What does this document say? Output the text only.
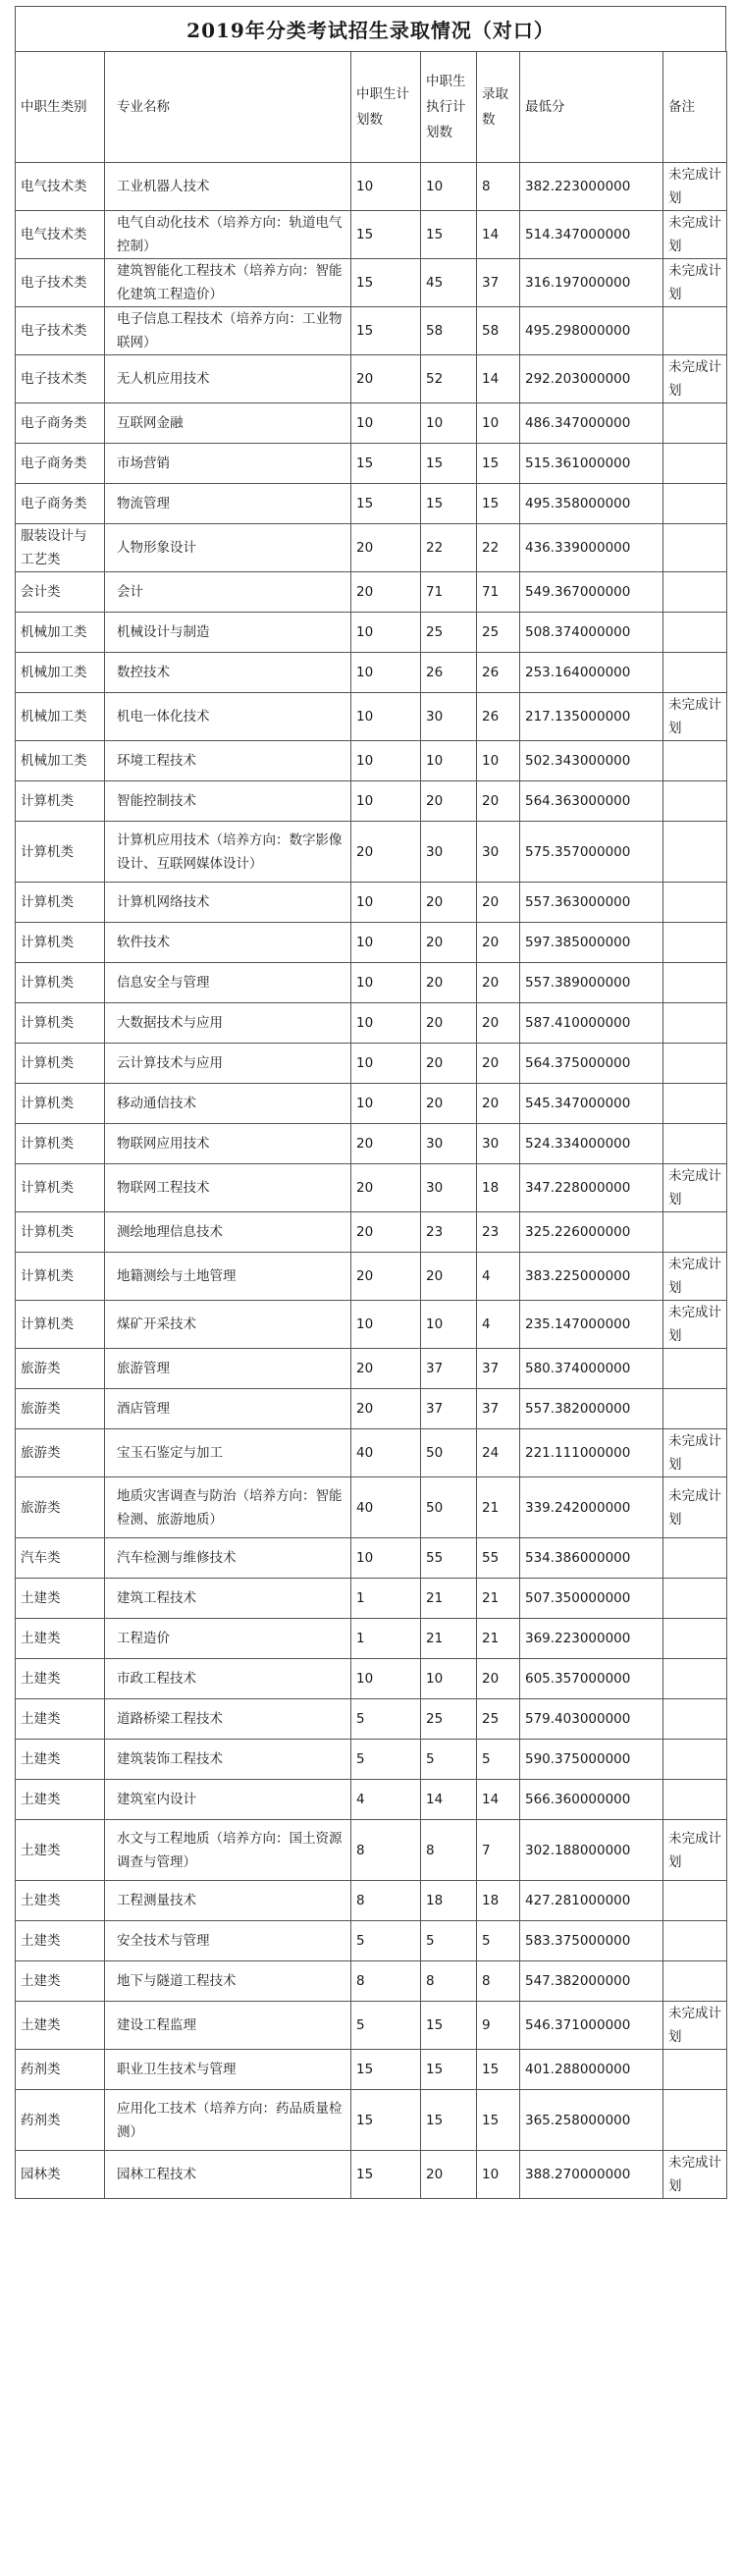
2019年分类考试招生录取情况（对口）
中职生类别	专业名称	中职生计划数	中职生执行计划数	录取数	最低分	备注
电气技术类	工业机器人技术	10	10	8	382.223000000	未完成计划
电气技术类	电气自动化技术（培养方向：轨道电气控制）	15	15	14	514.347000000	未完成计划
电子技术类	建筑智能化工程技术（培养方向：智能化建筑工程造价）	15	45	37	316.197000000	未完成计划
电子技术类	电子信息工程技术（培养方向：工业物联网）	15	58	58	495.298000000	
电子技术类	无人机应用技术	20	52	14	292.203000000	未完成计划
电子商务类	互联网金融	10	10	10	486.347000000	
电子商务类	市场营销	15	15	15	515.361000000	
电子商务类	物流管理	15	15	15	495.358000000	
服装设计与工艺类	人物形象设计	20	22	22	436.339000000	
会计类	会计	20	71	71	549.367000000	
机械加工类	机械设计与制造	10	25	25	508.374000000	
机械加工类	数控技术	10	26	26	253.164000000	
机械加工类	机电一体化技术	10	30	26	217.135000000	未完成计划
机械加工类	环境工程技术	10	10	10	502.343000000	
计算机类	智能控制技术	10	20	20	564.363000000	
计算机类	计算机应用技术（培养方向：数字影像设计、互联网媒体设计）	20	30	30	575.357000000	
计算机类	计算机网络技术	10	20	20	557.363000000	
计算机类	软件技术	10	20	20	597.385000000	
计算机类	信息安全与管理	10	20	20	557.389000000	
计算机类	大数据技术与应用	10	20	20	587.410000000	
计算机类	云计算技术与应用	10	20	20	564.375000000	
计算机类	移动通信技术	10	20	20	545.347000000	
计算机类	物联网应用技术	20	30	30	524.334000000	
计算机类	物联网工程技术	20	30	18	347.228000000	未完成计划
计算机类	测绘地理信息技术	20	23	23	325.226000000	
计算机类	地籍测绘与土地管理	20	20	4	383.225000000	未完成计划
计算机类	煤矿开采技术	10	10	4	235.147000000	未完成计划
旅游类	旅游管理	20	37	37	580.374000000	
旅游类	酒店管理	20	37	37	557.382000000	
旅游类	宝玉石鉴定与加工	40	50	24	221.111000000	未完成计划
旅游类	地质灾害调查与防治（培养方向：智能检测、旅游地质）	40	50	21	339.242000000	未完成计划
汽车类	汽车检测与维修技术	10	55	55	534.386000000	
土建类	建筑工程技术	1	21	21	507.350000000	
土建类	工程造价	1	21	21	369.223000000	
土建类	市政工程技术	10	10	20	605.357000000	
土建类	道路桥梁工程技术	5	25	25	579.403000000	
土建类	建筑装饰工程技术	5	5	5	590.375000000	
土建类	建筑室内设计	4	14	14	566.360000000	
土建类	水文与工程地质（培养方向：国土资源调查与管理）	8	8	7	302.188000000	未完成计划
土建类	工程测量技术	8	18	18	427.281000000	
土建类	安全技术与管理	5	5	5	583.375000000	
土建类	地下与隧道工程技术	8	8	8	547.382000000	
土建类	建设工程监理	5	15	9	546.371000000	未完成计划
药剂类	职业卫生技术与管理	15	15	15	401.288000000	
药剂类	应用化工技术（培养方向：药品质量检测）	15	15	15	365.258000000	
园林类	园林工程技术	15	20	10	388.270000000	未完成计划
